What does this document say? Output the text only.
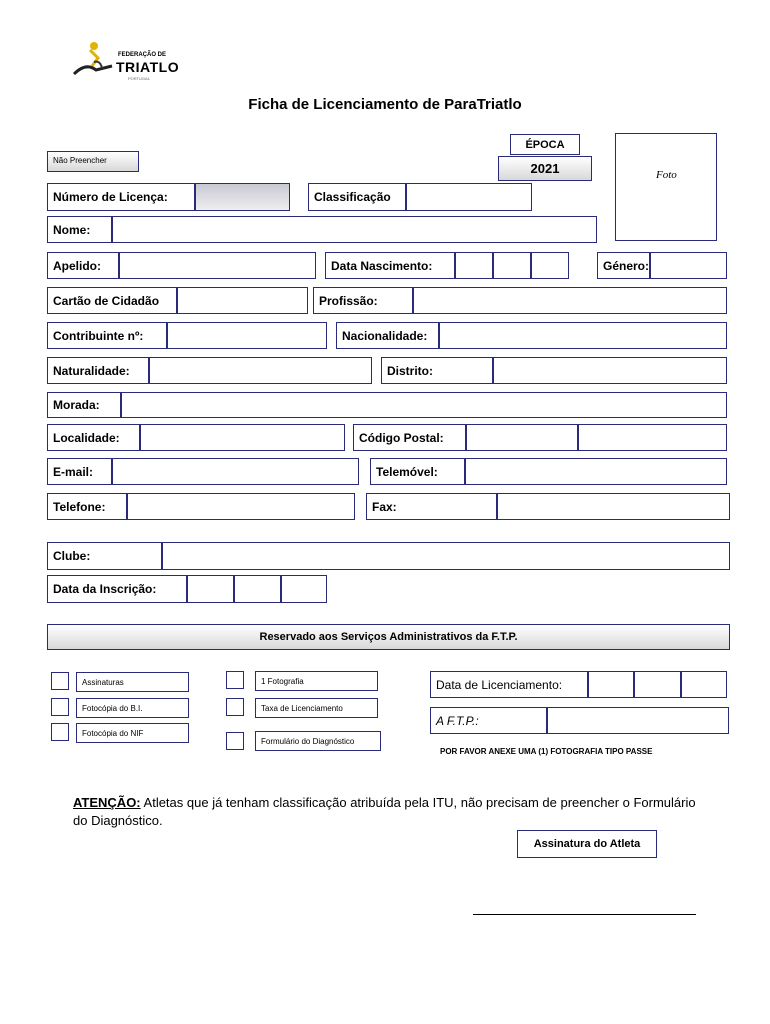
FEDERAÇÃO DE
TRIATLO
PORTUGAL
Ficha de Licenciamento de ParaTriatlo
Não Preencher
ÉPOCA
2021	Foto
Número de Licença:	Classificação
Nome:
Apelido:	Data Nascimento:	Género:
Cartão de Cidadão	Profissão:
Contribuinte nº:	Nacionalidade:
Naturalidade:	Distrito:
Morada:
Localidade:	Código Postal:
E-mail:	Telemóvel:
Telefone:	Fax:
Clube:
Data da Inscrição:
Reservado aos Serviços Administrativos da F.T.P.
Assinaturas
Fotocópia do B.I.
Fotocópia do NIF
1 Fotografia
Taxa de Licenciamento
Formulário do Diagnóstico
Data de Licenciamento:
A F.T.P.:
POR FAVOR ANEXE UMA (1) FOTOGRAFIA TIPO PASSE
ATENÇÃO: Atletas que já tenham classificação atribuída pela ITU, não precisam de preencher o Formulário do Diagnóstico.
Assinatura do Atleta
